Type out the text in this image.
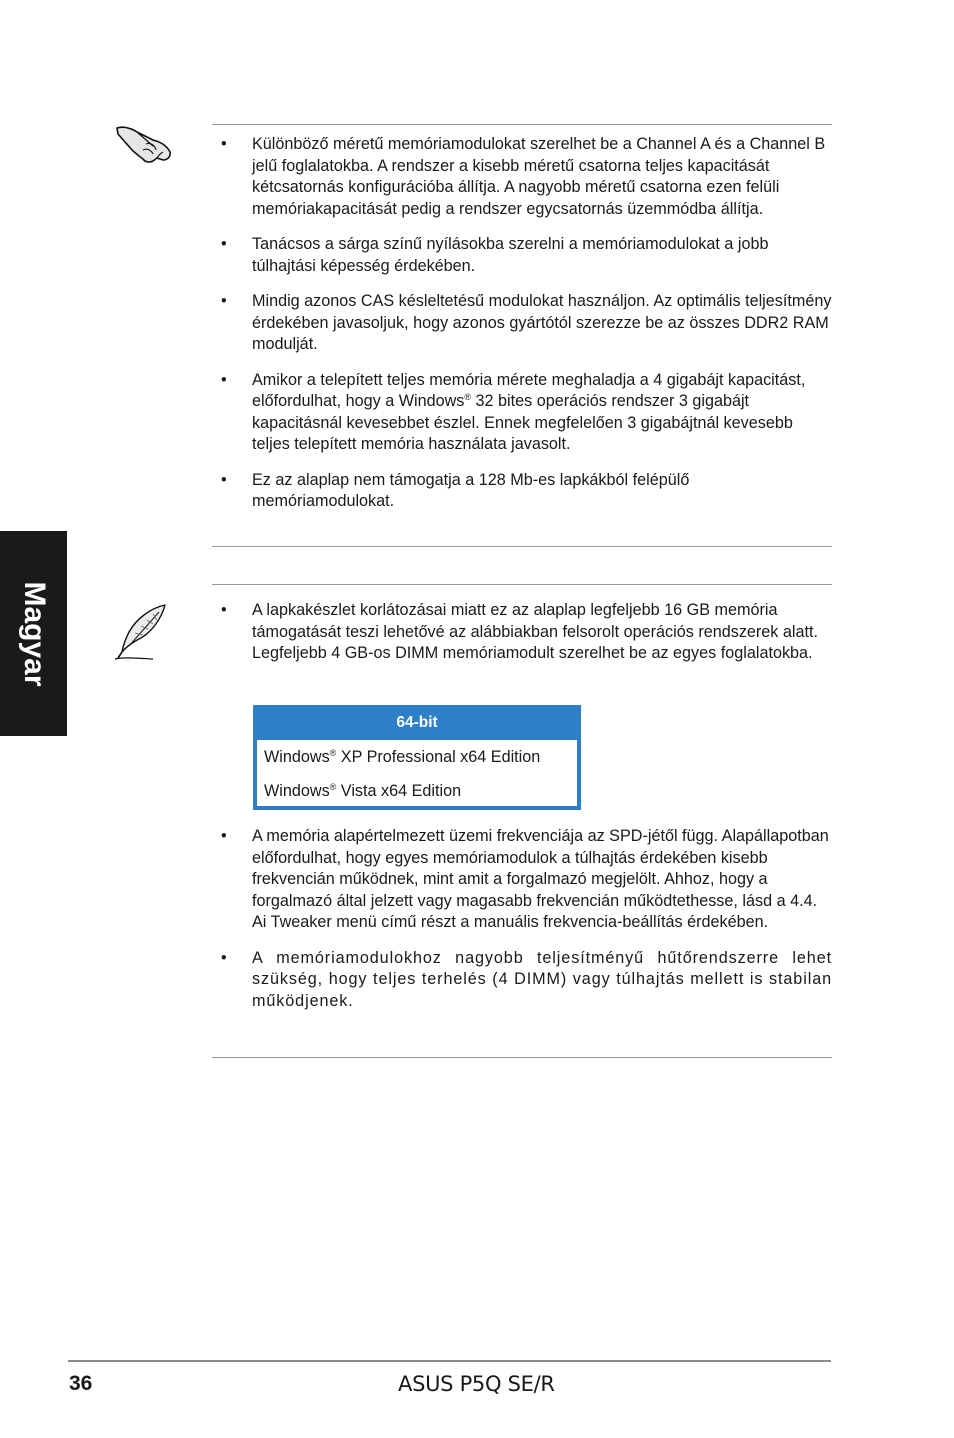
Magyar
• Különböző méretű memóriamodulokat szerelhet be a Channel A és a Channel B jelű foglalatokba. A rendszer a kisebb méretű csatorna teljes kapacitását kétcsatornás konfigurációba állítja. A nagyobb méretű csatorna ezen felüli memóriakapacitását pedig a rendszer egycsatornás üzemmódba állítja.
• Tanácsos a sárga színű nyílásokba szerelni a memóriamodulokat a jobb túlhajtási képesség érdekében.
• Mindig azonos CAS késleltetésű modulokat használjon. Az optimális teljesítmény érdekében javasoljuk, hogy azonos gyártótól szerezze be az összes DDR2 RAM modulját.
• Amikor a telepített teljes memória mérete meghaladja a 4 gigabájt kapacitást, előfordulhat, hogy a Windows® 32 bites operációs rendszer 3 gigabájt kapacitásnál kevesebbet észlel. Ennek megfelelően 3 gigabájtnál kevesebb teljes telepített memória használata javasolt.
• Ez az alaplap nem támogatja a 128 Mb-es lapkákból felépülő memóriamodulokat.
• A lapkakészlet korlátozásai miatt ez az alaplap legfeljebb 16 GB memória támogatását teszi lehetővé az alábbiakban felsorolt operációs rendszerek alatt. Legfeljebb 4 GB-os DIMM memóriamodult szerelhet be az egyes foglalatokba.
64-bit
Windows® XP Professional x64 Edition
Windows® Vista x64 Edition
• A memória alapértelmezett üzemi frekvenciája az SPD-jétől függ. Alapállapotban előfordulhat, hogy egyes memóriamodulok a túlhajtás érdekében kisebb frekvencián működnek, mint amit a forgalmazó megjelölt. Ahhoz, hogy a forgalmazó által jelzett vagy magasabb frekvencián működtethesse, lásd a 4.4. Ai Tweaker menü című részt a manuális frekvencia-beállítás érdekében.
• A memóriamodulokhoz nagyobb teljesítményű hűtőrendszerre lehet szükség, hogy teljes terhelés (4 DIMM) vagy túlhajtás mellett is stabilan működjenek.
36	ASUS P5Q SE/R
